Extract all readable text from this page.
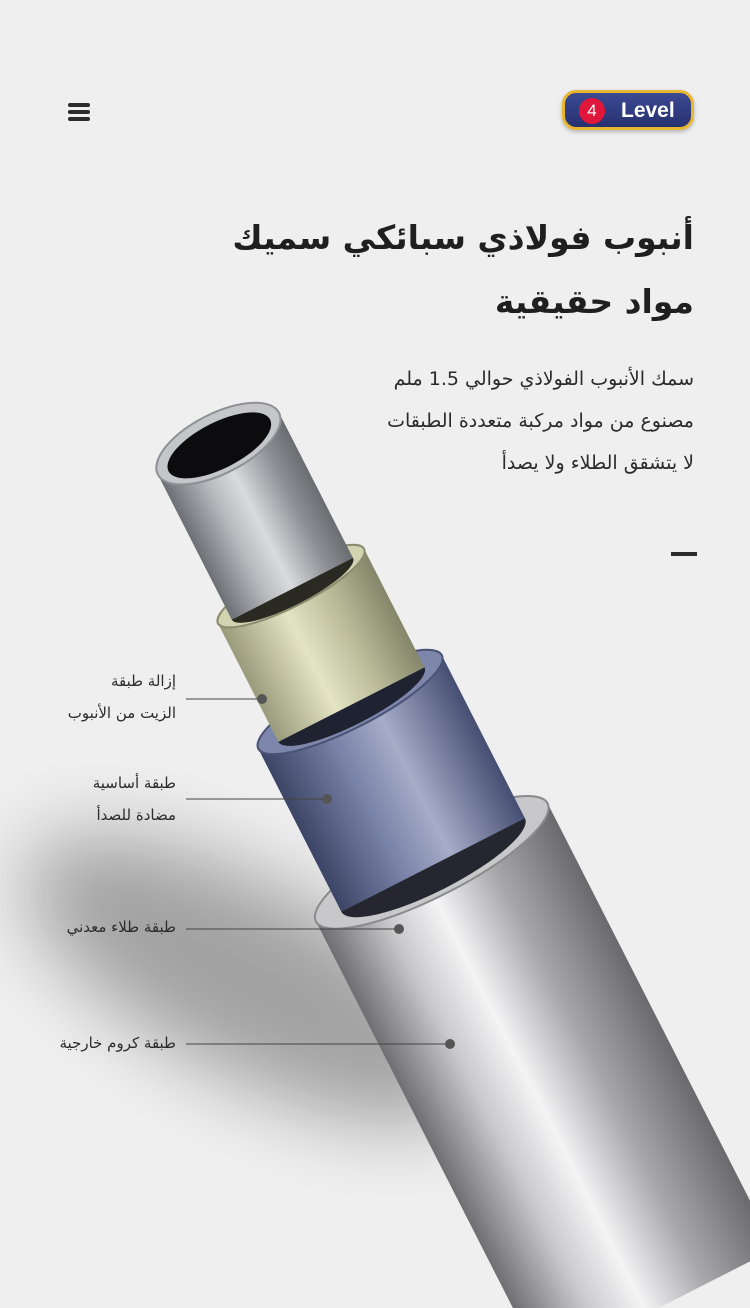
4	Level
أنبوب فولاذي سبائكي سميك
مواد حقيقية
سمك الأنبوب الفولاذي حوالي 1.5 ملم
مصنوع من مواد مركبة متعددة الطبقات
لا يتشقق الطلاء ولا يصدأ
إزالة طبقة
الزيت من الأنبوب
طبقة أساسية
مضادة للصدأ
طبقة طلاء معدني
طبقة كروم خارجية
